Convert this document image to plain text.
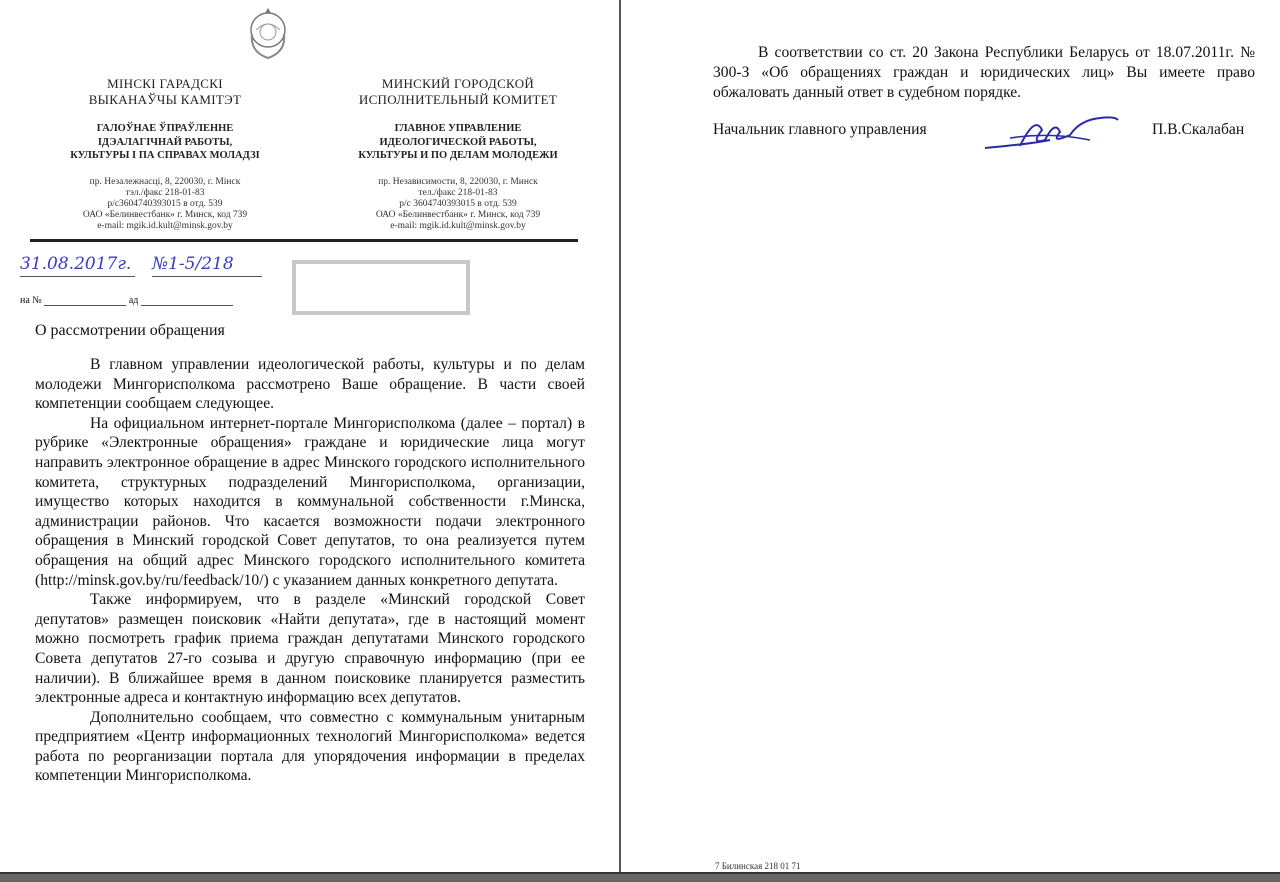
МІНСКІ ГАРАДСКІ
ВЫКАНАЎЧЫ КАМІТЭТ
ГАЛОЎНАЕ ЎПРАЎЛЕННЕ
ІДЭАЛАГІЧНАЙ РАБОТЫ,
КУЛЬТУРЫ І ПА СПРАВАХ МОЛАДЗІ
пр. Незалежнасці, 8, 220030, г. Мінск
тэл./факс 218-01-83
р/с3604740393015 в отд. 539
ОАО «Белинвестбанк» г. Минск, код 739
e-mail: mgik.id.kult@minsk.gov.by
МИНСКИЙ ГОРОДСКОЙ
ИСПОЛНИТЕЛЬНЫЙ КОМИТЕТ
ГЛАВНОЕ УПРАВЛЕНИЕ
ИДЕОЛОГИЧЕСКОЙ РАБОТЫ,
КУЛЬТУРЫ И ПО ДЕЛАМ МОЛОДЕЖИ
пр. Независимости, 8, 220030, г. Минск
тел./факс 218-01-83
р/с 3604740393015 в отд. 539
ОАО «Белинвестбанк» г. Минск, код 739
e-mail: mgik.id.kult@minsk.gov.by
31.08.2017г. №1-5/218
на №	ад
О рассмотрении обращения

В главном управлении идеологической работы, культуры и по делам молодежи Мингорисполкома рассмотрено Ваше обращение. В части своей компетенции сообщаем следующее.

На официальном интернет-портале Мингорисполкома (далее – портал) в рубрике «Электронные обращения» граждане и юридические лица могут направить электронное обращение в адрес Минского городского исполнительного комитета, структурных подразделений Мингорисполкома, организации, имущество которых находится в коммунальной собственности г.Минска, администрации районов. Что касается возможности подачи электронного обращения в Минский городской Совет депутатов, то она реализуется путем обращения на общий адрес Минского городского исполнительного комитета (http://minsk.gov.by/ru/feedback/10/) с указанием данных конкретного депутата.

Также информируем, что в разделе «Минский городской Совет депутатов» размещен поисковик «Найти депутата», где в настоящий момент можно посмотреть график приема граждан депутатами Минского городского Совета депутатов 27-го созыва и другую справочную информацию (при ее наличии). В ближайшее время в данном поисковике планируется разместить электронные адреса и контактную информацию всех депутатов.

Дополнительно сообщаем, что совместно с коммунальным унитарным предприятием «Центр информационных технологий Мингорисполкома» ведется работа по реорганизации портала для упорядочения информации в пределах компетенции Мингорисполкома.

В соответствии со ст. 20 Закона Республики Беларусь от 18.07.2011г. № 300-З «Об обращениях граждан и юридических лиц» Вы имеете право обжаловать данный ответ в судебном порядке.

Начальник главного управления	П.В.Скалабан
7 Билинская 218 01 71
